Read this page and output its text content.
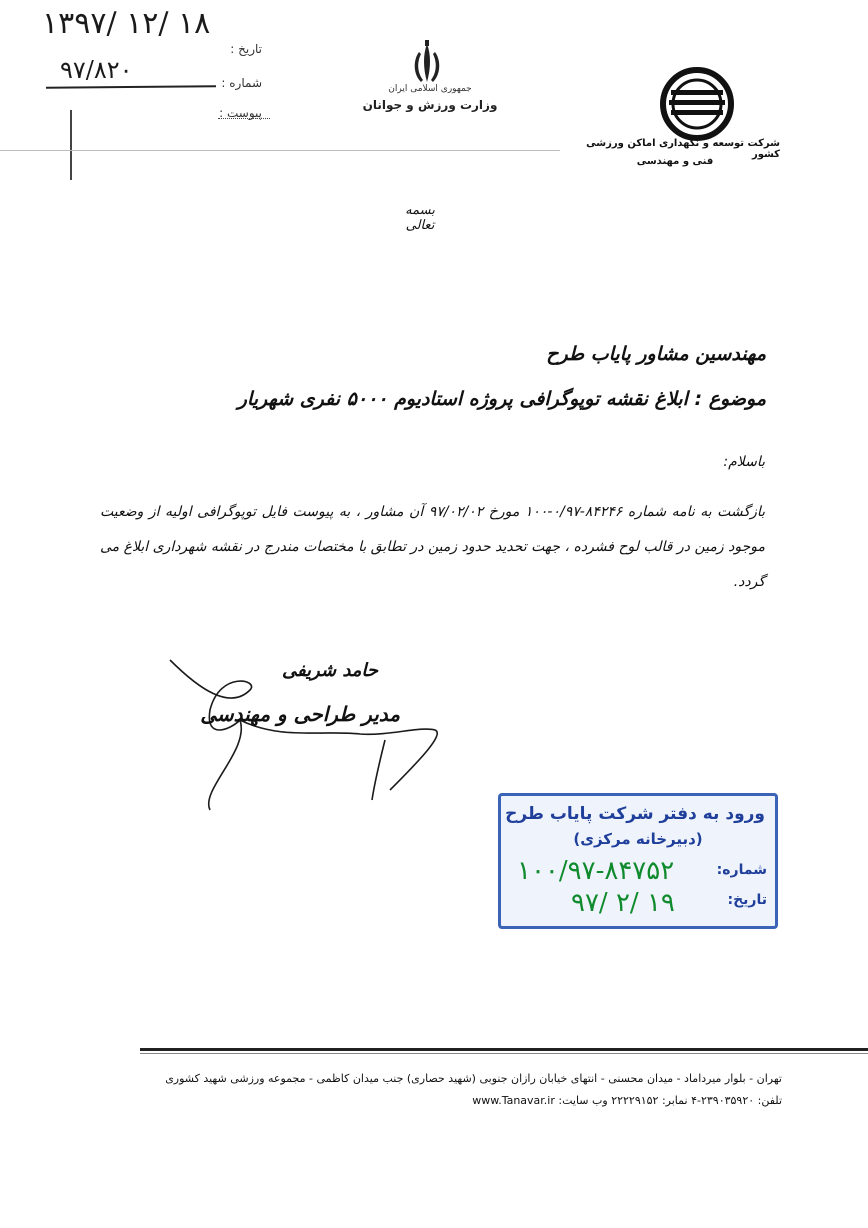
۱۳۹۷/ ۱۲/ ۱۸
۹۷/۸۲۰
تاریخ :
شماره :
پیوست :
جمهوری اسلامی ایران
وزارت ورزش و جوانان
شرکت توسعه و نگهداری اماکن ورزشی کشور
فنی و مهندسی
بسمه تعالی
مهندسین مشاور پایاب طرح
موضوع : ابلاغ نقشه توپوگرافی پروژه استادیوم ۵۰۰۰ نفری شهریار
باسلام:
بازگشت به نامه شماره ۸۴۲۴۶-۰/۹۷-۱۰۰ مورخ ۹۷/۰۲/۰۲ آن مشاور ، به پیوست فایل توپوگرافی اولیه از وضعیت موجود زمین در قالب لوح فشرده ، جهت تحدید حدود زمین در تطابق با مختصات مندرج در نقشه شهرداری ابلاغ می گردد.
حامد شریفی
مدیر طراحی و مهندسی
ورود به دفتر شرکت پایاب طرح
(دبیرخانه مرکزی)
شماره:
تاریخ:
۱۰۰/۹۷-۸۴۷۵۲
۹۷/ ۲/ ۱۹
تهران - بلوار میرداماد - میدان محسنی - انتهای خیابان رازان جنوبی (شهید حصاری) جنب میدان کاظمی - مجموعه ورزشی شهید کشوری
تلفن: ۲۳۹۰۳۵۹۲۰-۴ نمابر: ۲۲۲۲۹۱۵۲ وب سایت: www.Tanavar.ir
